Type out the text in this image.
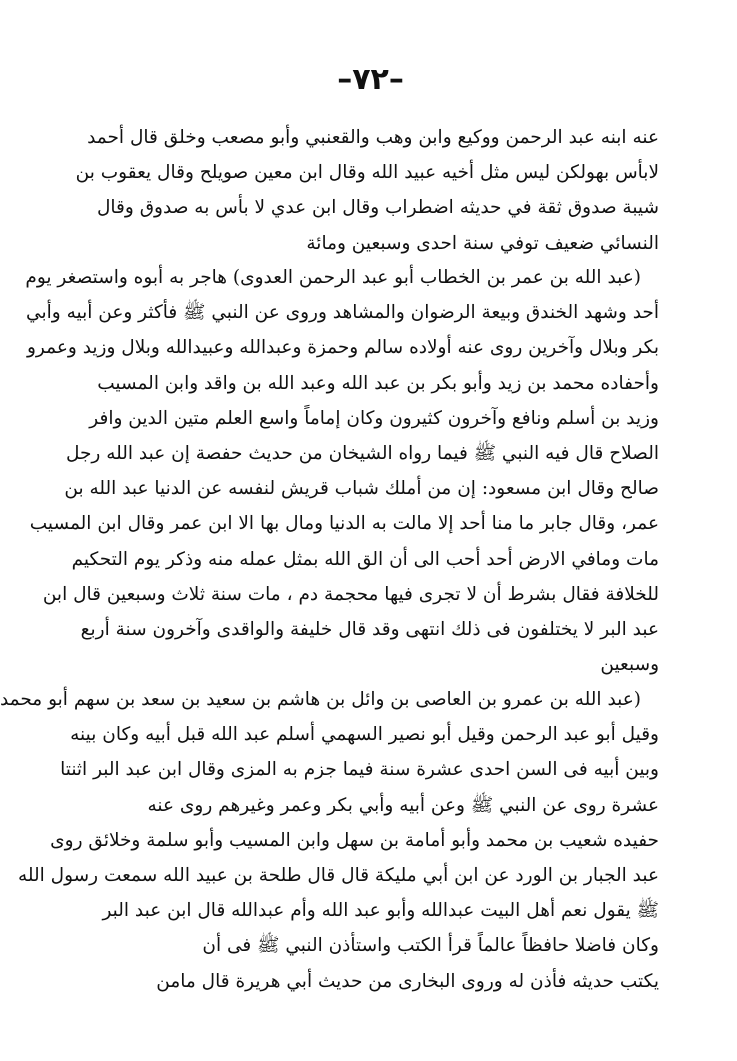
–٧٢–
عنه ابنه عبد الرحمن ووكيع وابن وهب والقعنبي وأبو مصعب وخلق قال أحمد
لابأس بهولكن ليس مثل أخيه عبيد الله وقال ابن معين صويلح وقال يعقوب بن
شيبة صدوق ثقة في حديثه اضطراب وقال ابن عدي لا بأس به صدوق وقال
النسائي ضعيف توفي سنة احدى وسبعين ومائة
(عبد الله بن عمر بن الخطاب أبو عبد الرحمن العدوى) هاجر به أبوه واستصغر يوم
أحد وشهد الخندق وبيعة الرضوان والمشاهد وروى عن النبي ﷺ فأكثر وعن أبيه وأبي
بكر وبلال وآخرين روى عنه أولاده سالم وحمزة وعبدالله وعبيدالله وبلال وزيد وعمرو
وأحفاده محمد بن زيد وأبو بكر بن عبد الله وعبد الله بن واقد وابن المسيب
وزيد بن أسلم ونافع وآخرون كثيرون وكان إماماً واسع العلم متين الدين وافر
الصلاح قال فيه النبي ﷺ فيما رواه الشيخان من حديث حفصة إن عبد الله رجل
صالح وقال ابن مسعود: إن من أملك شباب قريش لنفسه عن الدنيا عبد الله بن
عمر، وقال جابر ما منا أحد إلا مالت به الدنيا ومال بها الا ابن عمر وقال ابن المسيب
مات ومافي الارض أحد أحب الى أن الق الله بمثل عمله منه وذكر يوم التحكيم
للخلافة فقال بشرط أن لا تجرى فيها محجمة دم ، مات سنة ثلاث وسبعين قال ابن
عبد البر لا يختلفون فى ذلك انتهى وقد قال خليفة والواقدى وآخرون سنة أربع
وسبعين
(عبد الله بن عمرو بن العاصى بن وائل بن هاشم بن سعيد بن سعد بن سهم أبو محمد
وقيل أبو عبد الرحمن وقيل أبو نصير السهمي أسلم عبد الله قبل أبيه وكان بينه
وبين أبيه فى السن احدى عشرة سنة فيما جزم به المزى وقال ابن عبد البر اثنتا
عشرة روى عن النبي ﷺ وعن أبيه وأبي بكر وعمر وغيرهم روى عنه
حفيده شعيب بن محمد وأبو أمامة بن سهل وابن المسيب وأبو سلمة وخلائق روى
عبد الجبار بن الورد عن ابن أبي مليكة قال قال طلحة بن عبيد الله سمعت رسول الله
ﷺ يقول نعم أهل البيت عبدالله وأبو عبد الله وأم عبدالله قال ابن عبد البر
وكان فاضلا حافظاً عالماً قرأ الكتب واستأذن النبي ﷺ فى أن
يكتب حديثه فأذن له وروى البخارى من حديث أبي هريرة قال مامن
